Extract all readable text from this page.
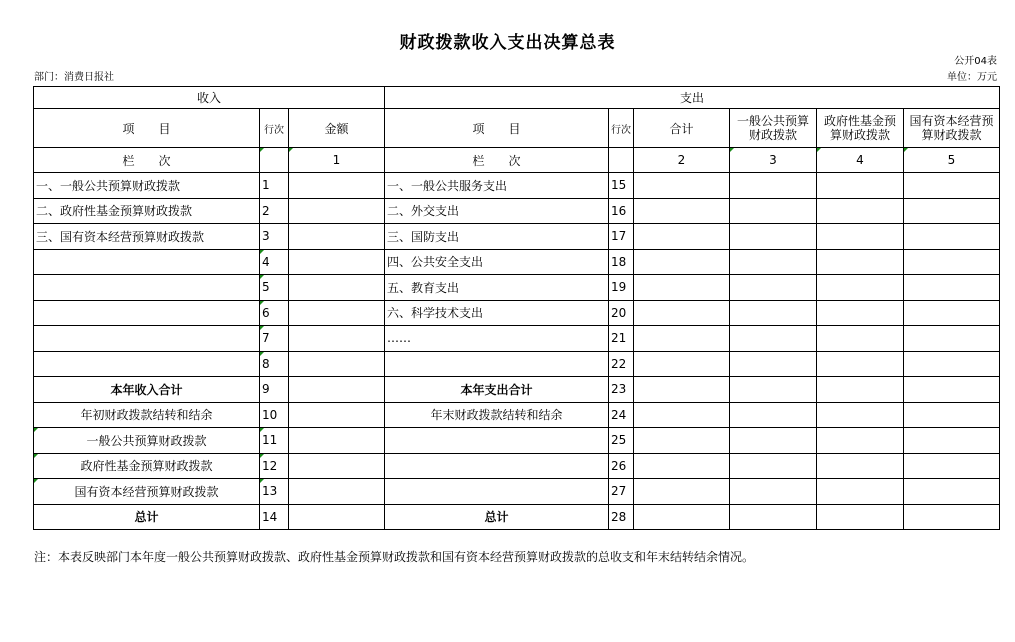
财政拨款收入支出决算总表
公开04表
部门：消费日报社	单位：万元
收入			支出					
项　　目	行次	金额	项　　目	行次	合计	一般公共预算财政拨款	政府性基金预算财政拨款	国有资本经营预算财政拨款
栏　　次		1	栏　　次		2	3	4	5
一、一般公共预算财政拨款	1		一、一般公共服务支出	15				
二、政府性基金预算财政拨款	2		二、外交支出	16				
三、国有资本经营预算财政拨款	3		三、国防支出	17				
	4		四、公共安全支出	18				
	5		五、教育支出	19				
	6		六、科学技术支出	20				
	7		……	21				
	8			22				
本年收入合计	9		本年支出合计	23				
年初财政拨款结转和结余	10		年末财政拨款结转和结余	24				
一般公共预算财政拨款	11			25				
政府性基金预算财政拨款	12			26				
国有资本经营预算财政拨款	13			27				
总计	14		总计	28				
注：本表反映部门本年度一般公共预算财政拨款、政府性基金预算财政拨款和国有资本经营预算财政拨款的总收支和年末结转结余情况。
